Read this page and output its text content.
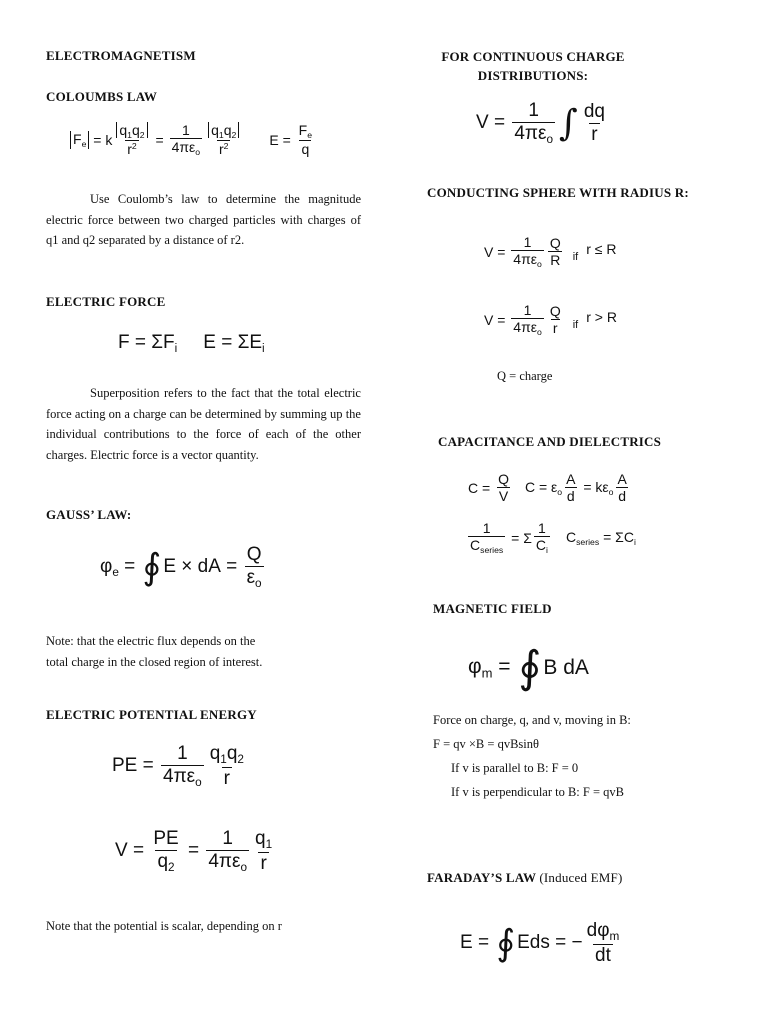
ELECTROMAGNETISM
COLOUMBS LAW
$F_e = k \frac{q_1q_2}{r^2} = \frac{1}{4\pi\varepsilon_o} \frac{q_1q_2}{r^2}$ $E = \frac{F_e}{q}$
Use Coulomb’s law to determine the magnitude electric force between two charged particles with charges of q1 and q2 separated by a distance of r2.
ELECTRIC FORCE
$F = \Sigma F_i$ $E = \Sigma E_i$
Superposition refers to the fact that the total electric force acting on a charge can be determined by summing up the individual contributions to the force of each of the other charges. Electric force is a vector quantity.
GAUSS’ LAW:
$\varphi_e$ = ∮ E × dA = $\frac{Q}{\varepsilon_o}$
Note: that the electric flux depends on the
total charge in the closed region of interest.
ELECTRIC POTENTIAL ENERGY
PE = $\frac{1}{4\pi\varepsilon_o} \frac{q_1q_2}{r}$
$V = \frac{PE}{q_2} = \frac{1}{4\pi\varepsilon_o} \frac{q_1}{r}$
Note that the potential is scalar, depending on r
FOR CONTINUOUS CHARGE
DISTRIBUTIONS:
$V = \frac{1}{4\pi\varepsilon_o}$ ∫ $\frac{dq}{r}$
CONDUCTING SPHERE WITH RADIUS R:
$V = \frac{1}{4\pi\varepsilon_o} \frac{Q}{R}$ if r ≤ R
$V = \frac{1}{4\pi\varepsilon_o} \frac{Q}{r}$ if r > R
Q = charge
CAPACITANCE AND DIELECTRICS
$C = \frac{Q}{V}$ $C = \varepsilon_o \frac{A}{d} = k\varepsilon_o \frac{A}{d}$
$\frac{1}{C_{series}} = \Sigma \frac{1}{C_i} C_{series} = \Sigma C_i$
MAGNETIC FIELD
$\varphi_m$ = ∮ B dA
Force on charge, q, and v, moving in B:
F = qv ×B = qvBsinθ
If v is parallel to B: F = 0
If v is perpendicular to B: F = qvB
FARADAY’S LAW (Induced EMF)
E = ∮ Eds = − $\frac{d\varphi_m}{dt}$
